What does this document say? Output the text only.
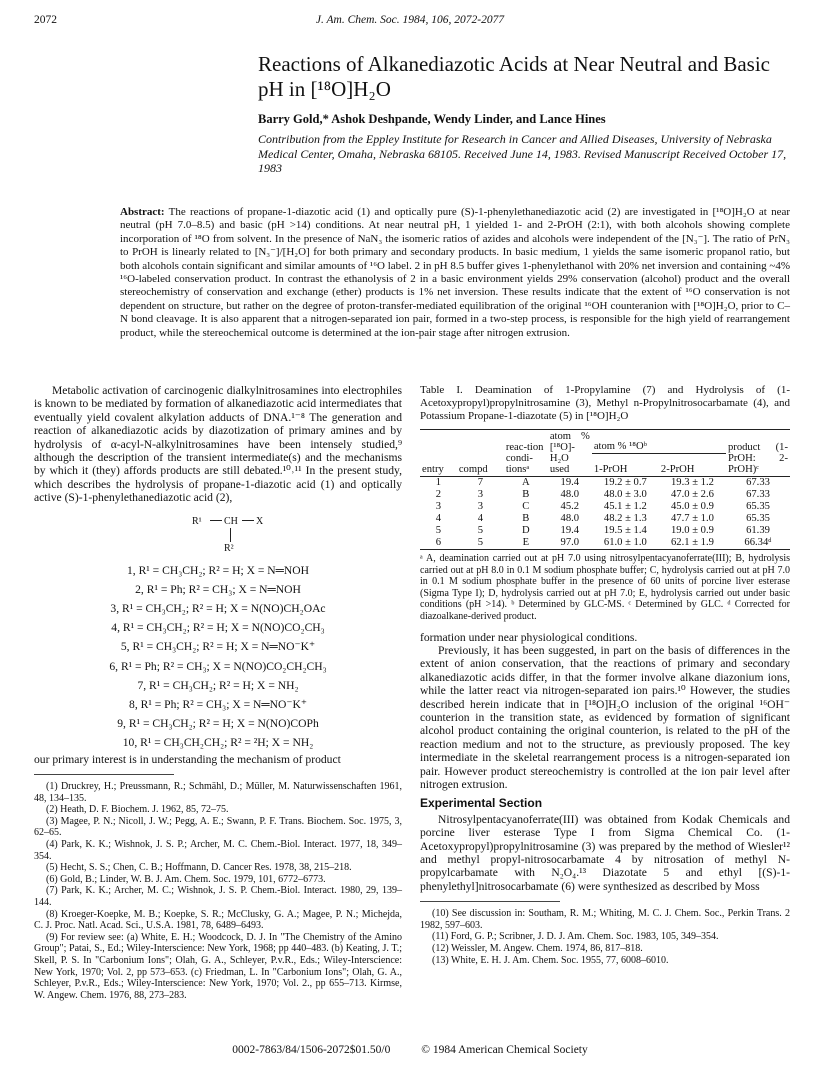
2072	J. Am. Chem. Soc. 1984, 106, 2072-2077
Reactions of Alkanediazotic Acids at Near Neutral and Basic pH in [¹⁸O]H₂O
Barry Gold,* Ashok Deshpande, Wendy Linder, and Lance Hines
Contribution from the Eppley Institute for Research in Cancer and Allied Diseases, University of Nebraska Medical Center, Omaha, Nebraska 68105. Received June 14, 1983. Revised Manuscript Received October 17, 1983
Abstract: The reactions of propane-1-diazotic acid (1) and optically pure (S)-1-phenylethanediazotic acid (2) are investigated in [¹⁸O]H₂O at near neutral (pH 7.0–8.5) and basic (pH >14) conditions. At near neutral pH, 1 yielded 1- and 2-PrOH (2:1), with both alcohols showing complete incorporation of ¹⁸O from solvent. In the presence of NaN₃ the isomeric ratios of azides and alcohols were independent of the [N₃⁻]. The ratio of PrN₃ to PrOH is linearly related to [N₃⁻]/[H₂O] for both primary and secondary products. In basic medium, 1 yields the same isomeric propanol ratio, but both alcohols contain significant and similar amounts of ¹⁶O label. 2 in pH 8.5 buffer gives 1-phenylethanol with 20% net inversion and containing ~4% ¹⁶O-labeled conservation product. In contrast the ethanolysis of 2 in a basic environment yields 29% conservation (alcohol) product and the overall stereochemistry of conservation and exchange (ether) products is 1% net inversion. These results indicate that the extent of ¹⁶O conservation is not dependent on structure, but rather on the degree of proton-transfer-mediated equilibration of the original ¹⁶OH counteranion with [¹⁸O]H₂O, prior to C–N bond cleavage. It is also apparent that a nitrogen-separated ion pair, formed in a two-step process, is responsible for the high yield of rearrangement product, while the stereochemical outcome is determined at the ion-pair stage after nitrogen extrusion.

Metabolic activation of carcinogenic dialkylnitrosamines into electrophiles is known to be mediated by formation of alkanediazotic acid intermediates that eventually yield covalent alkylation adducts of DNA.¹⁻⁸ The generation and reaction of alkanediazotic acids by diazotization of primary amines and by hydrolysis of α-acyl-N-alkylnitrosamines have been intensely studied,⁹ although the description of the transient intermediate(s) and the mechanisms by which it (they) affords products are still debated.¹⁰˒¹¹ In the present study, which describes the hydrolysis of propane-1-diazotic acid (1) and optically active (S)-1-phenylethanediazotic acid (2),

R¹ CH X
R²
1, R¹ = CH₃CH₂; R² = H; X = N═NOH
2, R¹ = Ph; R² = CH₃; X = N═NOH
3, R¹ = CH₃CH₂; R² = H; X = N(NO)CH₂OAc
4, R¹ = CH₃CH₂; R² = H; X = N(NO)CO₂CH₃
5, R¹ = CH₃CH₂; R² = H; X = N═NO⁻K⁺
6, R¹ = Ph; R² = CH₃; X = N(NO)CO₂CH₂CH₃
7, R¹ = CH₃CH₂; R² = H; X = NH₂
8, R¹ = Ph; R² = CH₃; X = N═NO⁻K⁺
9, R¹ = CH₃CH₂; R² = H; X = N(NO)COPh
10, R¹ = CH₃CH₂CH₂; R² = ²H; X = NH₂

our primary interest is in understanding the mechanism of product

(1) Druckrey, H.; Preussmann, R.; Schmähl, D.; Müller, M. Naturwissenschaften 1961, 48, 134–135.
(2) Heath, D. F. Biochem. J. 1962, 85, 72–75.
(3) Magee, P. N.; Nicoll, J. W.; Pegg, A. E.; Swann, P. F. Trans. Biochem. Soc. 1975, 3, 62–65.
(4) Park, K. K.; Wishnok, J. S. P.; Archer, M. C. Chem.-Biol. Interact. 1977, 18, 349–354.
(5) Hecht, S. S.; Chen, C. B.; Hoffmann, D. Cancer Res. 1978, 38, 215–218.
(6) Gold, B.; Linder, W. B. J. Am. Chem. Soc. 1979, 101, 6772–6773.
(7) Park, K. K.; Archer, M. C.; Wishnok, J. S. P. Chem.-Biol. Interact. 1980, 29, 139–144.
(8) Kroeger-Koepke, M. B.; Koepke, S. R.; McClusky, G. A.; Magee, P. N.; Michejda, C. J. Proc. Natl. Acad. Sci., U.S.A. 1981, 78, 6489–6493.
(9) For review see: (a) White, E. H.; Woodcock, D. J. In "The Chemistry of the Amino Group"; Patai, S., Ed.; Wiley-Interscience: New York, 1968; pp 440–483. (b) Keating, J. T.; Skell, P. S. In "Carbonium Ions"; Olah, G. A., Schleyer, P.v.R., Eds.; Wiley-Interscience: New York, 1970; Vol. 2, pp 573–653. (c) Friedman, L. In "Carbonium Ions"; Olah, G. A., Schleyer, P.v.R., Eds.; Wiley-Interscience: New York, 1970; Vol. 2., pp 655–713. Kirmse, W. Angew. Chem. 1976, 88, 273–283.
Table I. Deamination of 1-Propylamine (7) and Hydrolysis of (1-Acetoxypropyl)propylnitrosamine (3), Methyl n-Propylnitrosocarbamate (4), and Potassium Propane-1-diazotate (5) in [¹⁸O]H₂O
entry	compd	reac-tion condi-tionsᵃ	atom % [¹⁸O]-H₂O used	atom % ¹⁸Oᵇ		product (1-PrOH: 2-PrOH)ᶜ
				1-PrOH	2-PrOH	
1	7	A	19.4	19.2 ± 0.7	19.3 ± 1.2	67.33
2	3	B	48.0	48.0 ± 3.0	47.0 ± 2.6	67.33
3	3	C	45.2	45.1 ± 1.2	45.0 ± 0.9	65.35
4	4	B	48.0	48.2 ± 1.3	47.7 ± 1.0	65.35
5	5	D	19.4	19.5 ± 1.4	19.0 ± 0.9	61.39
6	5	E	97.0	61.0 ± 1.0	62.1 ± 1.9	66.34ᵈ
ᵃ A, deamination carried out at pH 7.0 using nitrosylpentacyanoferrate(III); B, hydrolysis carried out at pH 8.0 in 0.1 M sodium phosphate buffer; C, hydrolysis carried out at pH 7.0 in 0.1 M sodium phosphate buffer in the presence of 60 units of porcine liver esterase (Sigma Type I); D, hydrolysis carried out at pH 7.0; E, hydrolysis carried out under basic conditions (pH >14). ᵇ Determined by GLC-MS. ᶜ Determined by GLC. ᵈ Corrected for diazoalkane-derived product.

formation under near physiological conditions.

Previously, it has been suggested, in part on the basis of differences in the extent of anion conservation, that the reactions of primary and secondary alkanediazotic acids differ, in that the former involve alkane diazonium ions, while the latter react via nitrogen-separated ion pairs.¹⁰ However, the studies described herein indicate that in [¹⁸O]H₂O inclusion of the original ¹⁶OH⁻ counterion in the transition state, as evidenced by formation of significant alcohol product containing the original counterion, is related to the pH of the reaction medium and not to the structure, as previously proposed. The key intermediate in the skeletal rearrangement process is a nitrogen-separated ion pair. However product stereochemistry is controlled at the ion pair level after nitrogen extrusion.

Experimental Section

Nitrosylpentacyanoferrate(III) was obtained from Kodak Chemicals and porcine liver esterase Type I from Sigma Chemical Co. (1-Acetoxypropyl)propylnitrosamine (3) was prepared by the method of Wiesler¹² and methyl propyl-nitrosocarbamate 4 by nitrosation of methyl N-propylcarbamate with N₂O₄.¹³ Diazotate 5 and ethyl [(S)-1-phenylethyl]nitrosocarbamate (6) were synthesized as described by Moss

(10) See discussion in: Southam, R. M.; Whiting, M. C. J. Chem. Soc., Perkin Trans. 2 1982, 597–603.
(11) Ford, G. P.; Scribner, J. D. J. Am. Chem. Soc. 1983, 105, 349–354.
(12) Weissler, M. Angew. Chem. 1974, 86, 817–818.
(13) White, E. H. J. Am. Chem. Soc. 1955, 77, 6008–6010.
0002-7863/84/1506-2072$01.50/0	© 1984 American Chemical Society
